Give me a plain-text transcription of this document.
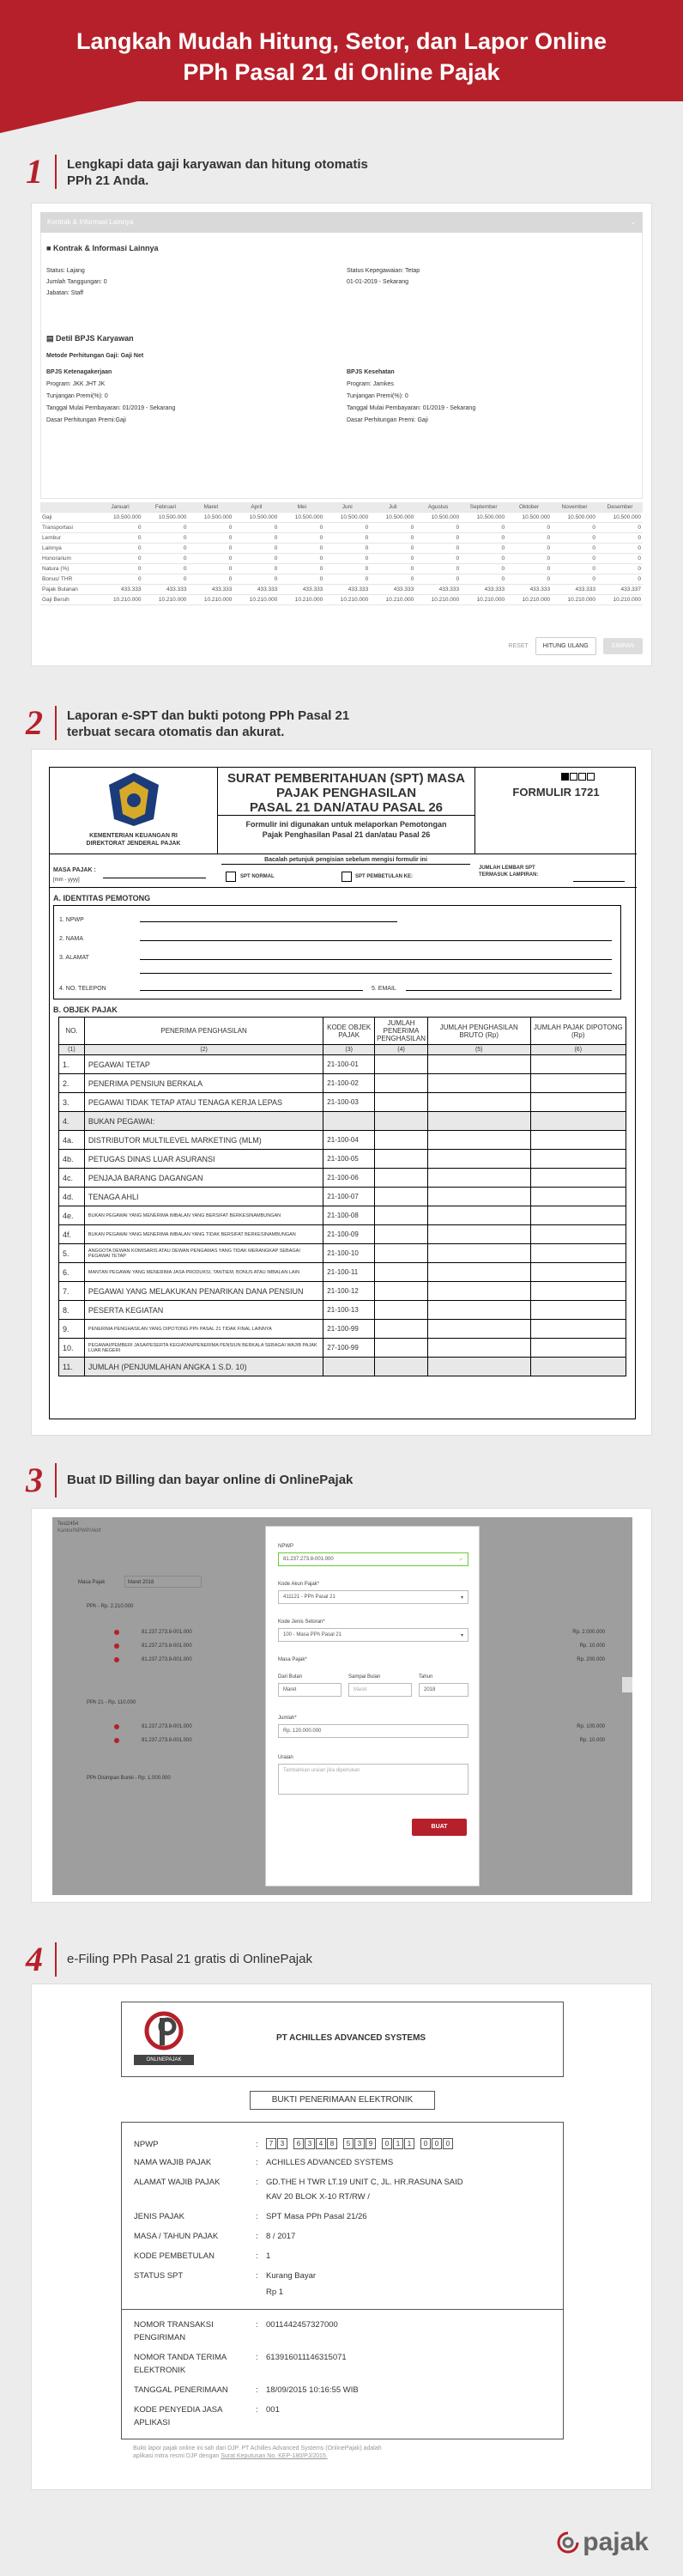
Langkah Mudah Hitung, Setor, dan Lapor Online
PPh Pasal 21 di Online Pajak
1	Lengkapi data gaji karyawan dan hitung otomatis
PPh 21 Anda.
Kontrak & Informasi Lainnya	⌄
■ Kontrak & Informasi Lainnya
Status: Lajang
Jumlah Tanggungan: 0
Jabatan: Staff
Status Kepegawaian: Tetap
01-01-2019 - Sekarang
▤ Detil BPJS Karyawan
Metode Perhitungan Gaji: Gaji Net
BPJS Ketenagakerjaan
Program: JKK JHT JK
Tunjangan Premi(%): 0
Tanggal Mulai Pembayaran: 01/2019 - Sekarang
Dasar Perhitungan Premi:Gaji
BPJS Kesehatan
Program: Jamkes
Tunjangan Premi(%): 0
Tanggal Mulai Pembayaran: 01/2019 - Sekarang
Dasar Perhitungan Premi: Gaji
	Januari	Februari	Maret	April	Mei	Juni	Juli	Agustus	September	Oktober	November	Desember
Gaji	10.500.000	10.500.000	10.500.000	10.500.000	10.500.000	10.500.000	10.500.000	10.500.000	10.500.000	10.500.000	10.500.000	10.500.000
Transportasi	0	0	0	0	0	0	0	0	0	0	0	0
Lembur	0	0	0	0	0	0	0	0	0	0	0	0
Lainnya	0	0	0	0	0	0	0	0	0	0	0	0
Honorarium	0	0	0	0	0	0	0	0	0	0	0	0
Natura (%)	0	0	0	0	0	0	0	0	0	0	0	0
Bonus/ THR	0	0	0	0	0	0	0	0	0	0	0	0
Pajak Bulanan	433.333	433.333	433.333	433.333	433.333	433.333	433.333	433.333	433.333	433.333	433.333	433.337
Gaji Bersih	10.210.000	10.210.000	10.210.000	10.210.000	10.210.000	10.210.000	10.210.000	10.210.000	10.210.000	10.210.000	10.210.000	10.210.000
RESET	HITUNG ULANG	SIMPAN
2	Laporan e-SPT dan bukti potong PPh Pasal 21
terbuat secara otomatis dan akurat.
KEMENTERIAN KEUANGAN RI
DIREKTORAT JENDERAL PAJAK
SURAT PEMBERITAHUAN (SPT) MASA
PAJAK PENGHASILAN
PASAL 21 DAN/ATAU PASAL 26
Formulir ini digunakan untuk melaporkan Pemotongan Pajak Penghasilan Pasal 21 dan/atau Pasal 26
FORMULIR 1721
MASA PAJAK :
[mm - yyyy]
Bacalah petunjuk pengisian sebelum mengisi formulir ini
SPT NORMAL	SPT PEMBETULAN KE:
JUMLAH LEMBAR SPT TERMASUK LAMPIRAN:
A. IDENTITAS PEMOTONG
1. NPWP
2. NAMA
3. ALAMAT
4. NO. TELEPON	5. EMAIL
B. OBJEK PAJAK
NO.	PENERIMA PENGHASILAN	KODE OBJEK PAJAK	JUMLAH PENERIMA PENGHASILAN	JUMLAH PENGHASILAN BRUTO (Rp)	JUMLAH PAJAK DIPOTONG (Rp)
(1)	(2)	(3)	(4)	(5)	(6)
1.	PEGAWAI TETAP	21-100-01			
2.	PENERIMA PENSIUN BERKALA	21-100-02			
3.	PEGAWAI TIDAK TETAP ATAU TENAGA KERJA LEPAS	21-100-03			
4.	BUKAN PEGAWAI:				
4a.	DISTRIBUTOR MULTILEVEL MARKETING (MLM)	21-100-04			
4b.	PETUGAS DINAS LUAR ASURANSI	21-100-05			
4c.	PENJAJA BARANG DAGANGAN	21-100-06			
4d.	TENAGA AHLI	21-100-07			
4e.	BUKAN PEGAWAI YANG MENERIMA IMBALAN YANG BERSIFAT BERKESINAMBUNGAN	21-100-08			
4f.	BUKAN PEGAWAI YANG MENERIMA IMBALAN YANG TIDAK BERSIFAT BERKESINAMBUNGAN	21-100-09			
5.	ANGGOTA DEWAN KOMISARIS ATAU DEWAN PENGAWAS YANG TIDAK MERANGKAP SEBAGAI PEGAWAI TETAP	21-100-10			
6.	MANTAN PEGAWAI YANG MENERIMA JASA PRODUKSI, TANTIEM, BONUS ATAU IMBALAN LAIN	21-100-11			
7.	PEGAWAI YANG MELAKUKAN PENARIKAN DANA PENSIUN	21-100-12			
8.	PESERTA KEGIATAN	21-100-13			
9.	PENERIMA PENGHASILAN YANG DIPOTONG PPh PASAL 21 TIDAK FINAL LAINNYA	21-100-99			
10.	PEGAWAI/PEMBERI JASA/PESERTA KEGIATAN/PENERIMA PENSIUN BERKALA SEBAGAI WAJIB PAJAK LUAR NEGERI	27-100-99			
11.	JUMLAH (PENJUMLAHAN ANGKA 1 S.D. 10)				
3	Buat ID Billing dan bayar online di OnlinePajak
Test2454
Kantor/NPWP/Aktif
Masa Pajak	Maret 2018
PPh - Rp. 2.210.000
81.237.273.8-001.000	Rp. 2.000.000
81.237.273.8-001.000	Rp. 10.000
81.237.273.8-001.000	Rp. 200.000
PPh 21 - Rp. 110.000
81.237.273.8-001.000	Rp. 100.000
81.237.273.8-001.000	Rp. 10.000
PPh Disimpan Bunki - Rp. 1.000.000
NPWP
81.237.273.8-001.000	✓
Kode Akun Pajak*
411121 - PPh Pasal 21	▾
Kode Jenis Setoran*
100 - Masa PPh Pasal 21	▾
Masa Pajak*
Dari Bulan	Sampai Bulan	Tahun
Maret	Maret	2018
Jumlah*
Rp. 120.000.000
Uraian
Tambahkan uraian jika diperlukan
BUAT
4	e-Filing PPh Pasal 21 gratis di OnlinePajak
ONLINEPAJAK
PT ACHILLES ADVANCED SYSTEMS
BUKTI PENERIMAAN ELEKTRONIK
NPWP	:	7	3	6	3	4	8	5	3	9	0	1	1	0	0	0
NAMA WAJIB PAJAK	: ACHILLES ADVANCED SYSTEMS
ALAMAT WAJIB PAJAK	: GD.THE H TWR LT.19 UNIT C, JL. HR.RASUNA SAID
KAV 20 BLOK X-10 RT/RW /
JENIS PAJAK	: SPT Masa PPh Pasal 21/26
MASA / TAHUN PAJAK	: 8 / 2017
KODE PEMBETULAN	: 1
STATUS SPT	: Kurang Bayar
Rp 1
NOMOR TRANSAKSI PENGIRIMAN
: 0011442457327000
NOMOR TANDA TERIMA ELEKTRONIK
: 613916011146315071
TANGGAL PENERIMAAN	: 18/09/2015 10:16:55 WIB
KODE PENYEDIA JASA APLIKASI
: 001
Bukti lapor pajak online ini sah dari DJP. PT Achilles Advanced Systems (OnlinePajak) adalah
aplikasi mitra resmi DJP dengan Surat Keputusan No. KEP-180/PJ/2015.
pajak
